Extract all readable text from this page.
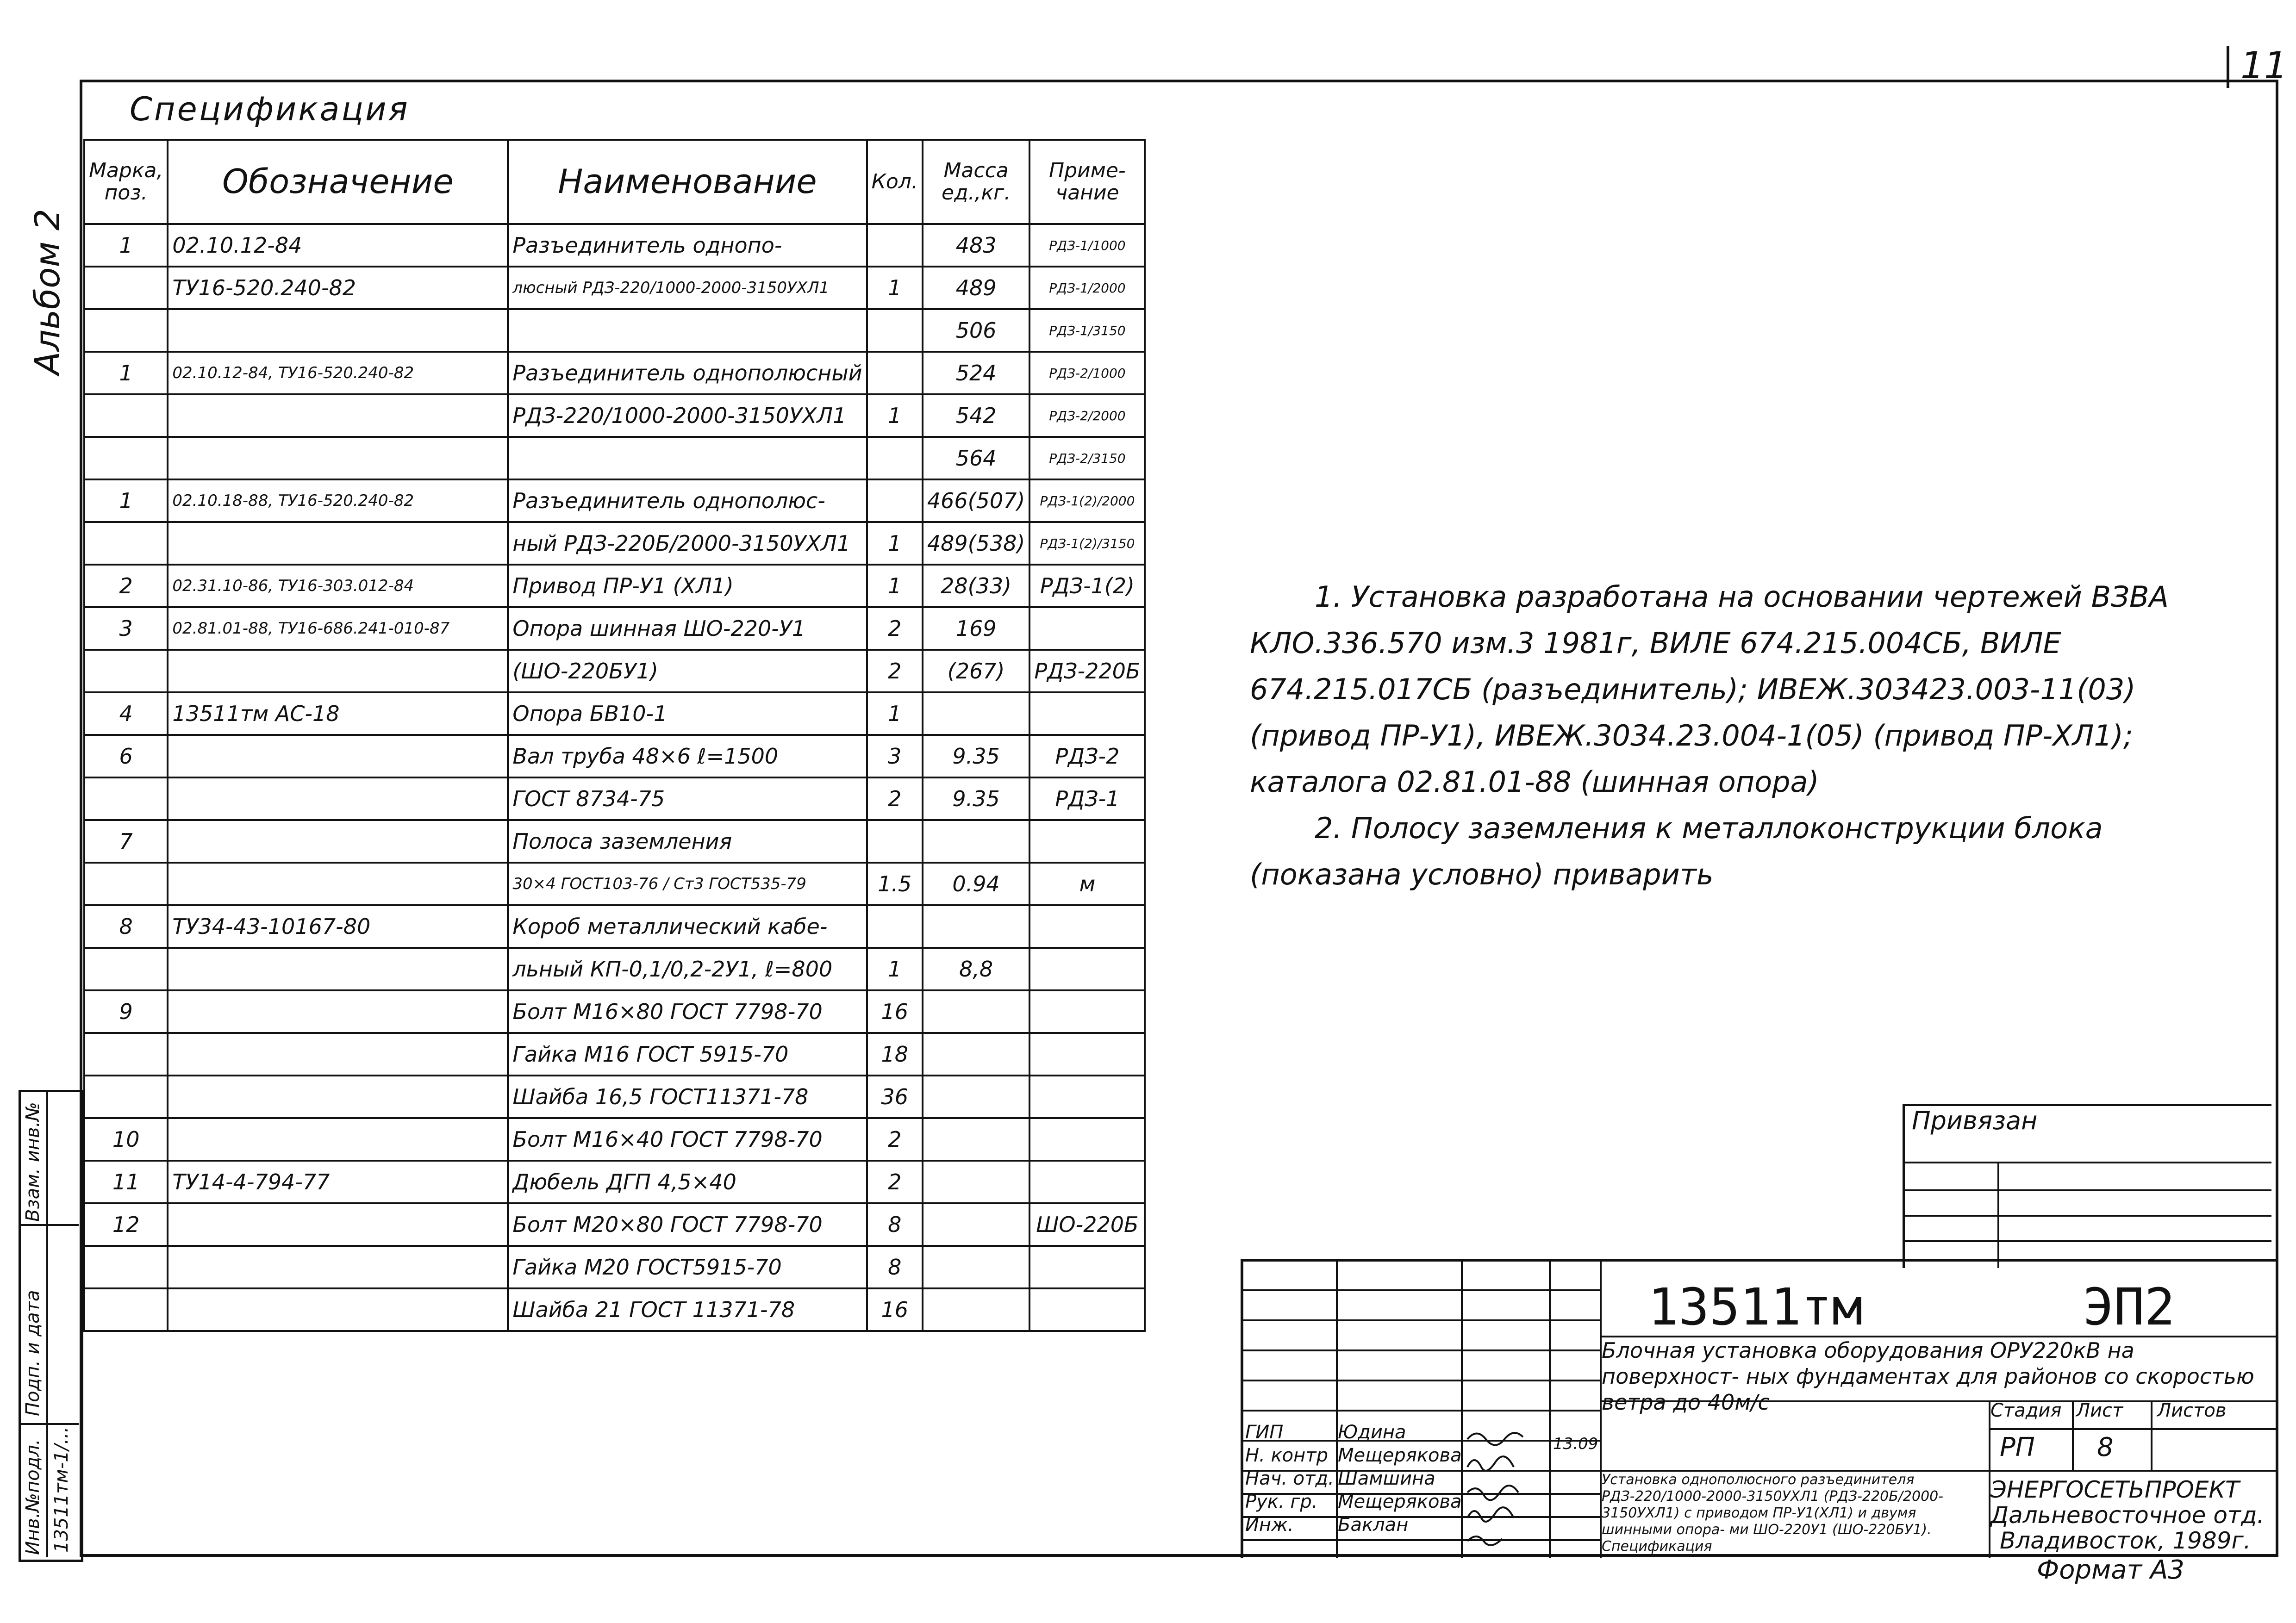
11
Альбом 2
Спецификация
Марка, поз.	Обозначение	Наименование	Кол.	Масса ед.,кг.	Приме- чание
1	02.10.12-84	Разъединитель однопо-		483	РДЗ-1/1000
	ТУ16-520.240-82	люсный РДЗ-220/1000-2000-3150УХЛ1	1	489	РДЗ-1/2000
				506	РДЗ-1/3150
1	02.10.12-84, ТУ16-520.240-82	Разъединитель однополюсный		524	РДЗ-2/1000
		РДЗ-220/1000-2000-3150УХЛ1	1	542	РДЗ-2/2000
				564	РДЗ-2/3150
1	02.10.18-88, ТУ16-520.240-82	Разъединитель однополюс-		466(507)	РДЗ-1(2)/2000
		ный РДЗ-220Б/2000-3150УХЛ1	1	489(538)	РДЗ-1(2)/3150
2	02.31.10-86, ТУ16-303.012-84	Привод ПР-У1 (ХЛ1)	1	28(33)	РДЗ-1(2)
3	02.81.01-88, ТУ16-686.241-010-87	Опора шинная ШО-220-У1	2	169	
		(ШО-220БУ1)	2	(267)	РДЗ-220Б
4	13511тм АС-18	Опора БВ10-1	1		
6		Вал труба 48×6 ℓ=1500	3	9.35	РДЗ-2
		ГОСТ 8734-75	2	9.35	РДЗ-1
7		Полоса заземления			
		30×4 ГОСТ103-76 / Ст3 ГОСТ535-79	1.5	0.94	м
8	ТУ34-43-10167-80	Короб металлический кабе-			
		льный КП-0,1/0,2-2У1, ℓ=800	1	8,8	
9		Болт М16×80 ГОСТ 7798-70	16		
		Гайка М16 ГОСТ 5915-70	18		
		Шайба 16,5 ГОСТ11371-78	36		
10		Болт М16×40 ГОСТ 7798-70	2		
11	ТУ14-4-794-77	Дюбель ДГП 4,5×40	2		
12		Болт М20×80 ГОСТ 7798-70	8		ШО-220Б
		Гайка М20 ГОСТ5915-70	8		
		Шайба 21 ГОСТ 11371-78	16		
Взам. инв.№
Подп. и дата
Инв.№подл. 13511тм-1/...

1. Установка разработана на основании чертежей ВЗВА КЛО.336.570 изм.3 1981г, ВИЛЕ 674.215.004СБ, ВИЛЕ 674.215.017СБ (разъединитель); ИВЕЖ.303423.003-11(03) (привод ПР-У1), ИВЕЖ.3034.23.004-1(05) (привод ПР-ХЛ1); каталога 02.81.01-88 (шинная опора)

2. Полосу заземления к металлоконструкции блока (показана условно) приварить

Привязан
13511тм	ЭП2
Блочная установка оборудования ОРУ220кВ на поверхност- ных фундаментах для районов со скоростью ветра до 40м/с	Стадия Лист Листов
РП 8
Установка однополюсного разъединителя РДЗ-220/1000-2000-3150УХЛ1 (РДЗ-220Б/2000-3150УХЛ1) с приводом ПР-У1(ХЛ1) и двумя шинными опора- ми ШО-220У1 (ШО-220БУ1). Спецификация
ЭНЕРГОСЕТЬПРОЕКТ
Дальневосточное отд.
Владивосток, 1989г.
13.09
ГИП	Юдина
Н. контр Мещерякова
Нач. отд. Шамшина
Рук. гр. Мещерякова
Инж. Баклан
Формат А3
